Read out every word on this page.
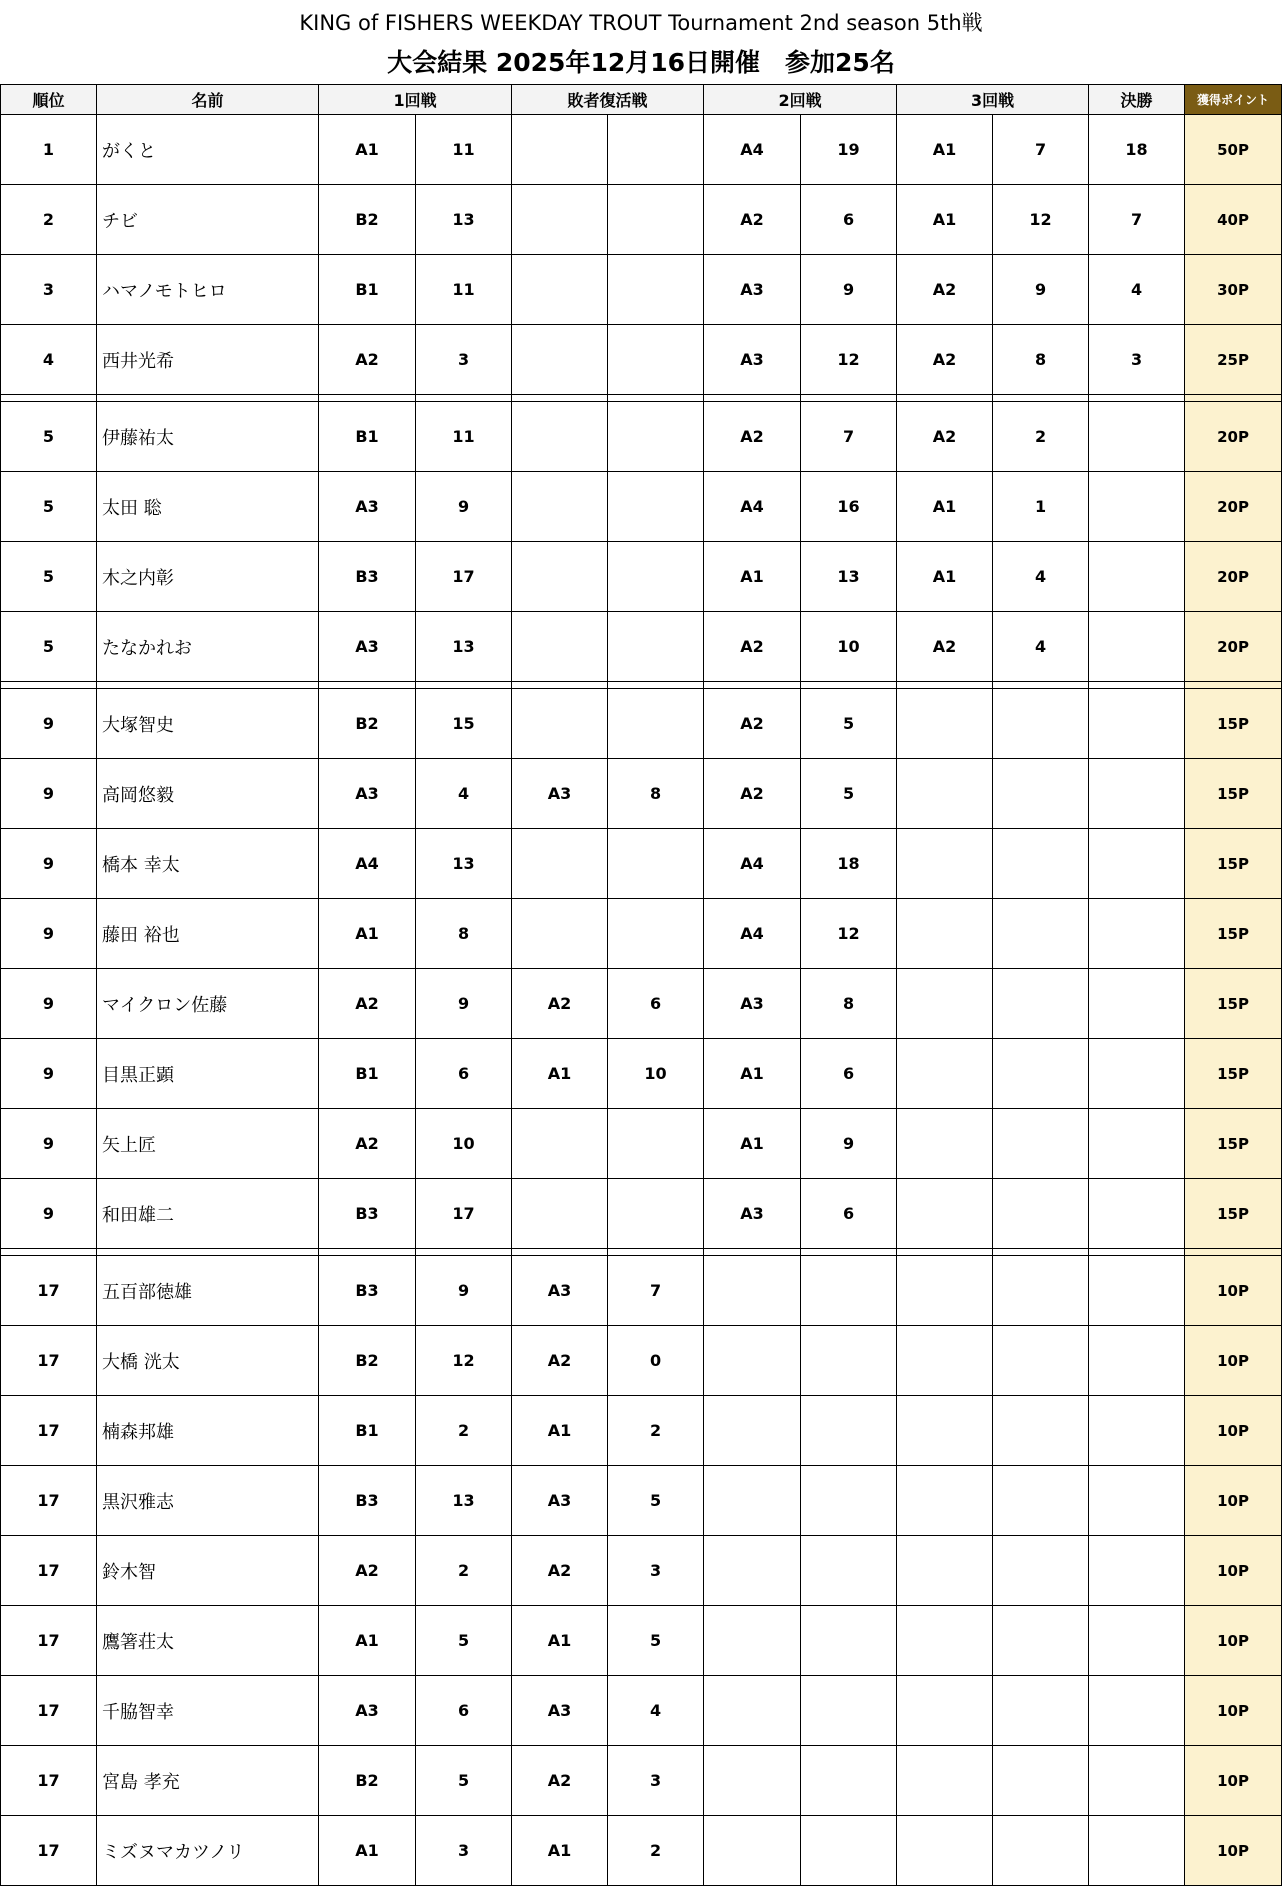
KING of FISHERS WEEKDAY TROUT Tournament 2nd season 5th戦
大会結果 2025年12月16日開催　参加25名
順位	名前	1回戦		敗者復活戦		2回戦		3回戦		決勝	獲得ポイント
1	がくと	A1	11			A4	19	A1	7	18	50P
2	チビ	B2	13			A2	6	A1	12	7	40P
3	ハマノモトヒロ	B1	11			A3	9	A2	9	4	30P
4	西井光希	A2	3			A3	12	A2	8	3	25P

5	伊藤祐太	B1	11			A2	7	A2	2		20P
5	太田 聡	A3	9			A4	16	A1	1		20P
5	木之内彰	B3	17			A1	13	A1	4		20P
5	たなかれお	A3	13			A2	10	A2	4		20P

9	大塚智史	B2	15			A2	5				15P
9	高岡悠毅	A3	4	A3	8	A2	5				15P
9	橋本 幸太	A4	13			A4	18				15P
9	藤田 裕也	A1	8			A4	12				15P
9	マイクロン佐藤	A2	9	A2	6	A3	8				15P
9	目黒正顕	B1	6	A1	10	A1	6				15P
9	矢上匠	A2	10			A1	9				15P
9	和田雄二	B3	17			A3	6				15P

17	五百部徳雄	B3	9	A3	7						10P
17	大橋 洸太	B2	12	A2	0						10P
17	楠森邦雄	B1	2	A1	2						10P
17	黒沢雅志	B3	13	A3	5						10P
17	鈴木智	A2	2	A2	3						10P
17	鷹箸荘太	A1	5	A1	5						10P
17	千脇智幸	A3	6	A3	4						10P
17	宮島 孝充	B2	5	A2	3						10P
17	ミズヌマカツノリ	A1	3	A1	2						10P
